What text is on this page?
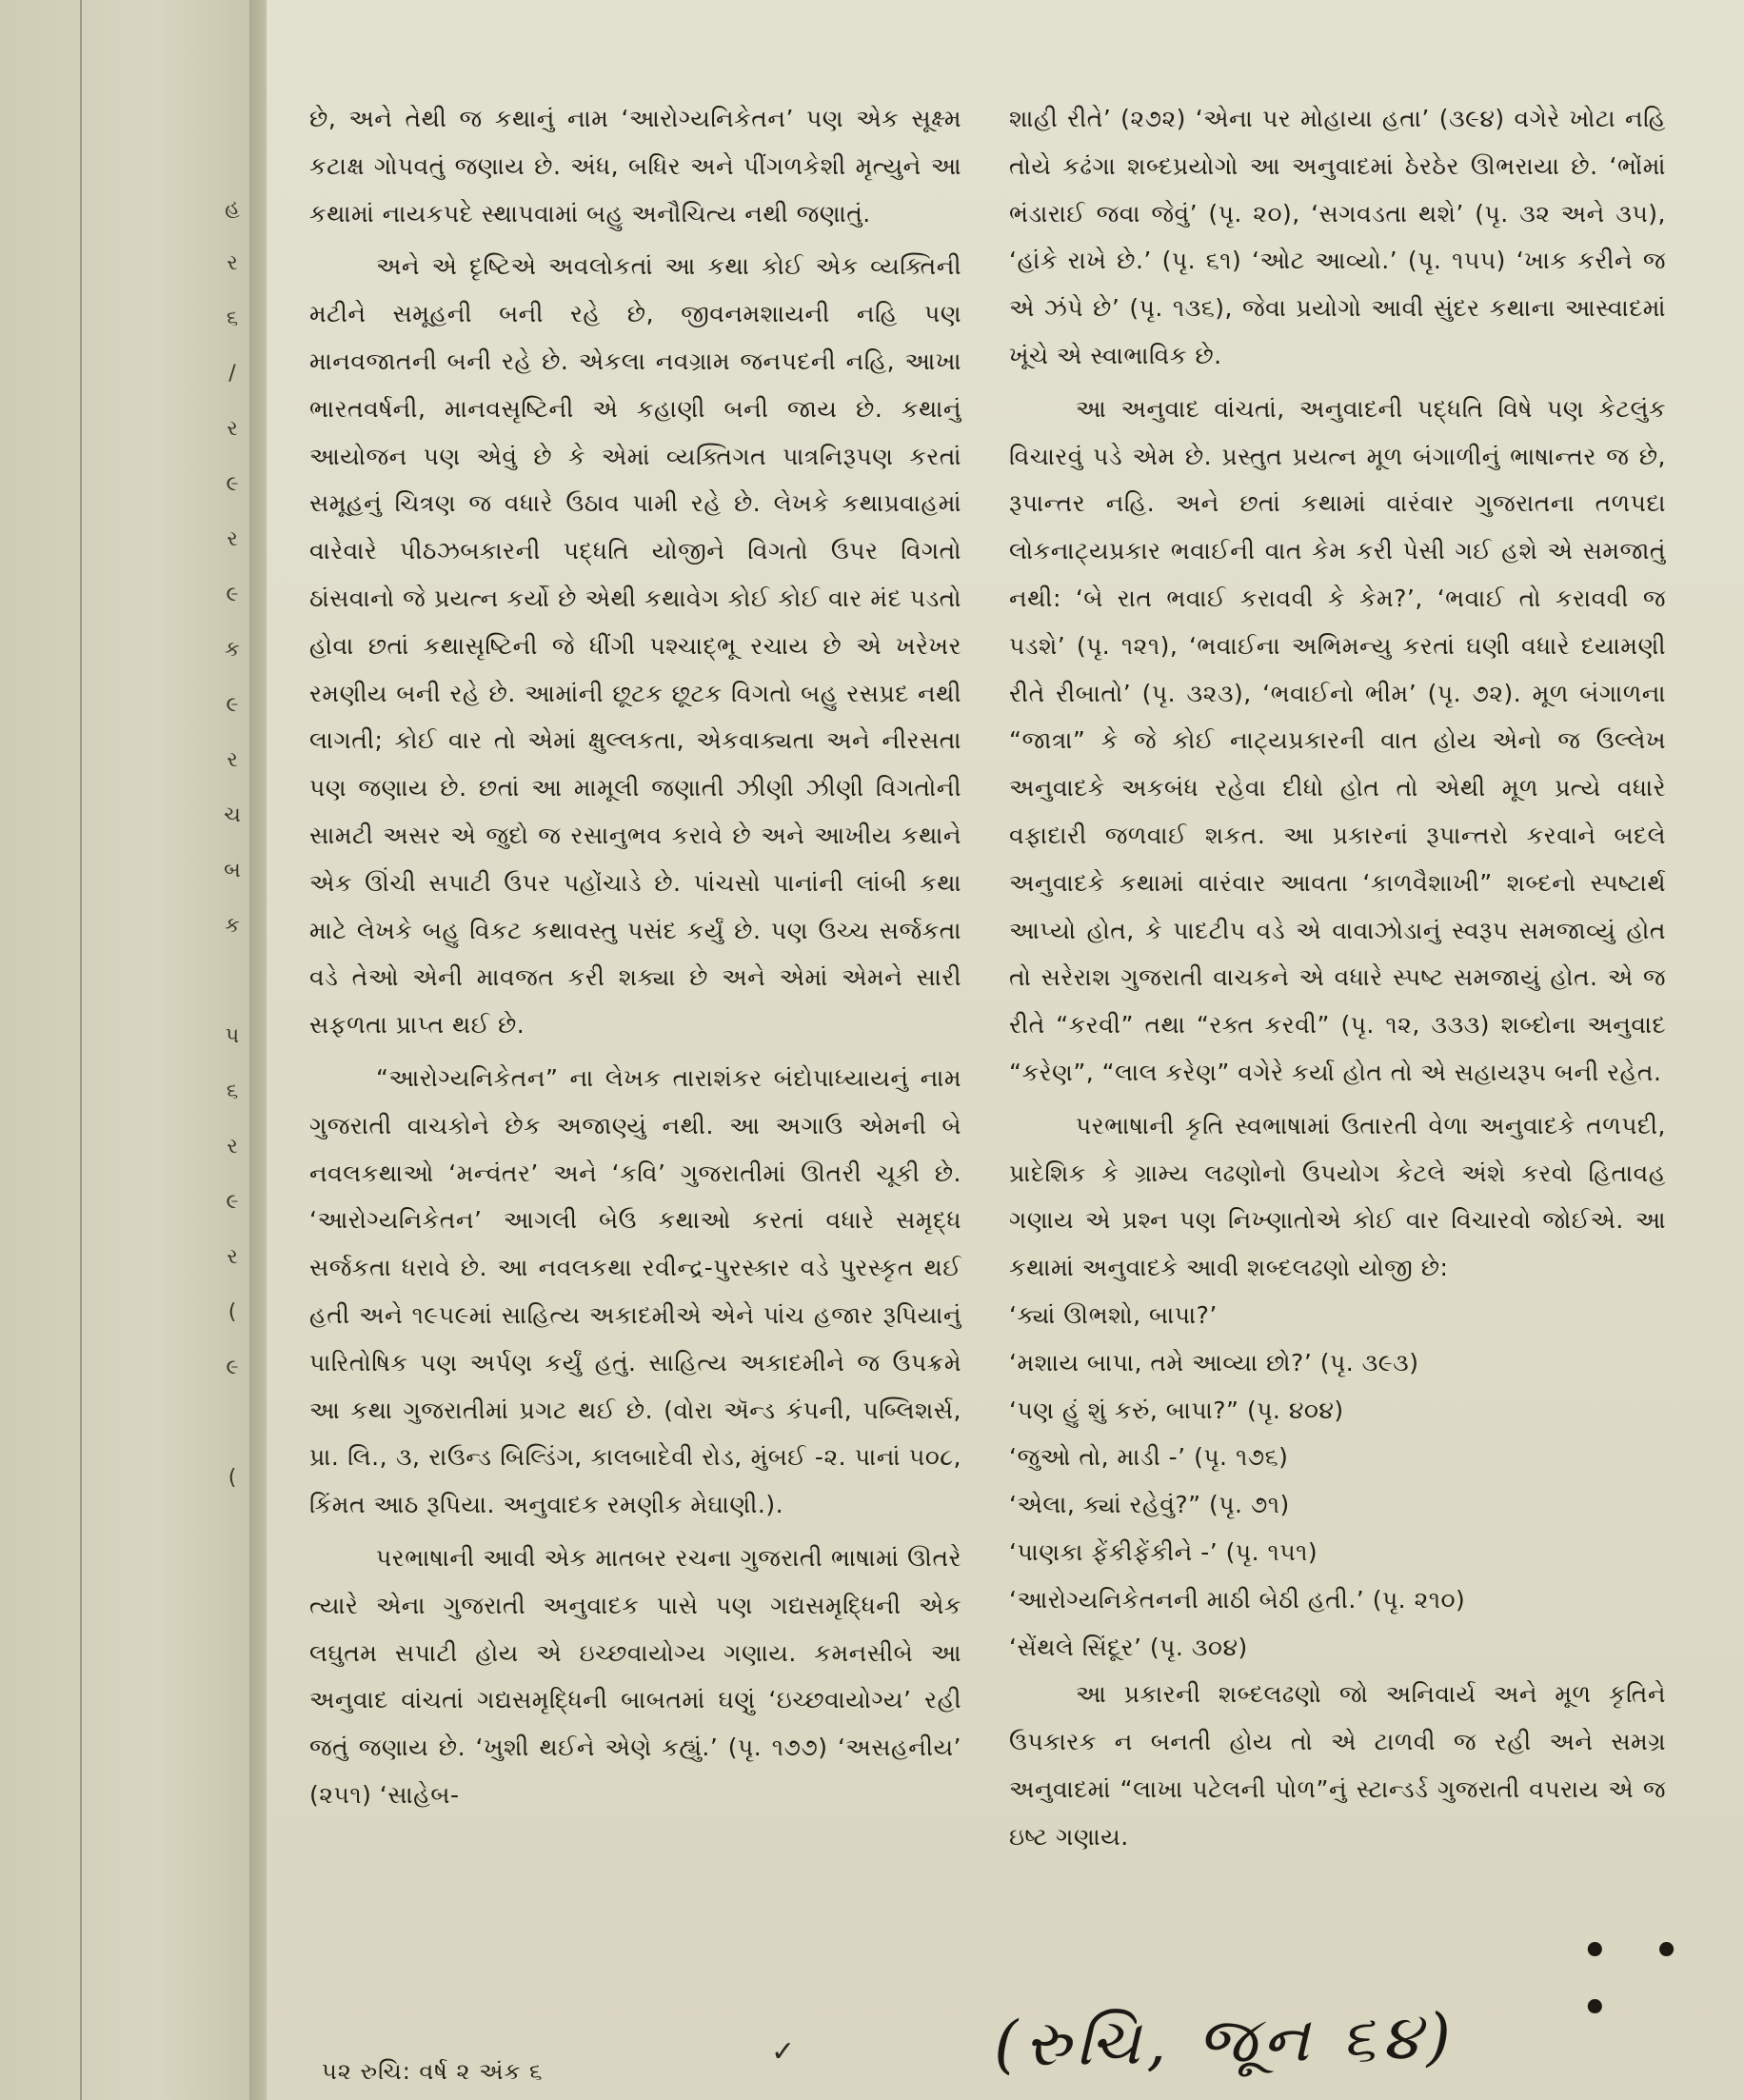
હ
ર
૬
/
ર
૯
ર
૯
ક
૯
ર
ચ
બ
ક
પ
૬
ર
૯
ર
(
૯
(

છે, અને તેથી જ કથાનું નામ ‘આરોગ્યનિકેતન’ પણ એક સૂક્ષ્મ કટાક્ષ ગોપવતું જણાય છે. અંધ, બધિર અને પીંગળકેશી મૃત્યુને આ કથામાં નાયકપદે સ્થાપવામાં બહુ અનૌચિત્ય નથી જણાતું.

અને એ દૃષ્ટિએ અવલોકતાં આ કથા કોઈ એક વ્યક્તિની મટીને સમૂહની બની રહે છે, જીવનમશાયની નહિ પણ માનવજાતની બની રહે છે. એકલા નવગ્રામ જનપદની નહિ, આખા ભારતવર્ષની, માનવસૃષ્ટિની એ કહાણી બની જાય છે. કથાનું આયોજન પણ એવું છે કે એમાં વ્યક્તિગત પાત્રનિરૂપણ કરતાં સમૂહનું ચિત્રણ જ વધારે ઉઠાવ પામી રહે છે. લેખકે કથાપ્રવાહમાં વારેવારે પીઠઝબકારની પદ્ધતિ યોજીને વિગતો ઉપર વિગતો ઠાંસવાનો જે પ્રયત્ન કર્યો છે એથી કથાવેગ કોઈ કોઈ વાર મંદ પડતો હોવા છતાં કથાસૃષ્ટિની જે ધીંગી પશ્ચાદ્‌ભૂ રચાય છે એ ખરેખર રમણીય બની રહે છે. આમાંની છૂટક છૂટક વિગતો બહુ રસપ્રદ નથી લાગતી; કોઈ વાર તો એમાં ક્ષુલ્લકતા, એકવાક્યતા અને નીરસતા પણ જણાય છે. છતાં આ મામૂલી જણાતી ઝીણી ઝીણી વિગતોની સામટી અસર એ જુદો જ રસાનુભવ કરાવે છે અને આખીય કથાને એક ઊંચી સપાટી ઉપર પહોંચાડે છે. પાંચસો પાનાંની લાંબી કથા માટે લેખકે બહુ વિકટ કથાવસ્તુ પસંદ કર્યું છે. પણ ઉચ્ચ સર્જકતા વડે તેઓ એની માવજત કરી શક્યા છે અને એમાં એમને સારી સફળતા પ્રાપ્ત થઈ છે.

“આરોગ્યનિકેતન” ના લેખક તારાશંકર બંદોપાધ્યાયનું નામ ગુજરાતી વાચકોને છેક અજાણ્યું નથી. આ અગાઉ એમની બે નવલકથાઓ ‘મન્વંતર’ અને ‘કવિ’ ગુજરાતીમાં ઊતરી ચૂકી છે. ‘આરોગ્યનિકેતન’ આગલી બેઉ કથાઓ કરતાં વધારે સમૃદ્ધ સર્જકતા ધરાવે છે. આ નવલકથા રવીન્દ્ર-પુરસ્કાર વડે પુરસ્કૃત થઈ હતી અને ૧૯૫૯માં સાહિત્ય અકાદમીએ એને પાંચ હજાર રૂપિયાનું પારિતોષિક પણ અર્પણ કર્યું હતું. સાહિત્ય અકાદમીને જ ઉપક્રમે આ કથા ગુજરાતીમાં પ્રગટ થઈ છે. (વોરા ઍન્ડ કંપની, પબ્લિશર્સ, પ્રા. લિ., ૩, રાઉન્ડ બિલ્ડિંગ, કાલબાદેવી રોડ, મુંબઈ -૨. પાનાં ૫૦૮, કિંમત આઠ રૂપિયા. અનુવાદક રમણીક મેઘાણી.).

પરભાષાની આવી એક માતબર રચના ગુજરાતી ભાષામાં ઊતરે ત્યારે એના ગુજરાતી અનુવાદક પાસે પણ ગદ્યસમૃદ્ધિની એક લઘુતમ સપાટી હોય એ ઇચ્છવાયોગ્ય ગણાય. કમનસીબે આ અનુવાદ વાંચતાં ગદ્યસમૃદ્ધિની બાબતમાં ઘણું ‘ઇચ્છવાયોગ્ય’ રહી જતું જણાય છે. ‘ખુશી થઈને એણે કહ્યું.’ (પૃ. ૧૭૭) ‘અસહનીય’ (૨૫૧) ‘સાહેબ-

શાહી રીતે’ (૨૭૨) ‘એના પર મોહાયા હતા’ (૩૯૪) વગેરે ખોટા નહિ તોયે કઢંગા શબ્દપ્રયોગો આ અનુવાદમાં ઠેરઠેર ઊભરાયા છે. ‘ભોંમાં ભંડારાઈ જવા જેવું’ (પૃ. ૨૦), ‘સગવડતા થશે’ (પૃ. ૩૨ અને ૩૫), ‘હાંકે રાખે છે.’ (પૃ. ૬૧) ‘ઓટ આવ્યો.’ (પૃ. ૧૫૫) ‘ખાક કરીને જ એ ઝંપે છે’ (પૃ. ૧૩૬), જેવા પ્રયોગો આવી સુંદર કથાના આસ્વાદમાં ખૂંચે એ સ્વાભાવિક છે.

આ અનુવાદ વાંચતાં, અનુવાદની પદ્ધતિ વિષે પણ કેટલુંક વિચારવું પડે એમ છે. પ્રસ્તુત પ્રયત્ન મૂળ બંગાળીનું ભાષાન્તર જ છે, રૂપાન્તર નહિ. અને છતાં કથામાં વારંવાર ગુજરાતના તળપદા લોકનાટ્યપ્રકાર ભવાઈની વાત કેમ કરી પેસી ગઈ હશે એ સમજાતું નથી: ‘બે રાત ભવાઈ કરાવવી કે કેમ?’, ‘ભવાઈ તો કરાવવી જ પડશે’ (પૃ. ૧૨૧), ‘ભવાઈના અભિમન્યુ કરતાં ઘણી વધારે દયામણી રીતે રીબાતો’ (પૃ. ૩૨૩), ‘ભવાઈનો ભીમ’ (પૃ. ૭૨). મૂળ બંગાળના “જાત્રા” કે જે કોઈ નાટ્યપ્રકારની વાત હોય એનો જ ઉલ્લેખ અનુવાદકે અકબંધ રહેવા દીધો હોત તો એથી મૂળ પ્રત્યે વધારે વફાદારી જળવાઈ શકત. આ પ્રકારનાં રૂપાન્તરો કરવાને બદલે અનુવાદકે કથામાં વારંવાર આવતા ‘કાળવૈશાખી” શબ્દનો સ્પષ્ટાર્થ આપ્યો હોત, કે પાદટીપ વડે એ વાવાઝોડાનું સ્વરૂપ સમજાવ્યું હોત તો સરેરાશ ગુજરાતી વાચકને એ વધારે સ્પષ્ટ સમજાયું હોત. એ જ રીતે “કરવી” તથા “રક્ત કરવી” (પૃ. ૧૨, ૩૩૩) શબ્દોના અનુવાદ “કરેણ”, “લાલ કરેણ” વગેરે કર્યા હોત તો એ સહાયરૂપ બની રહેત.

પરભાષાની કૃતિ સ્વભાષામાં ઉતારતી વેળા અનુવાદકે તળપદી, પ્રાદેશિક કે ગ્રામ્ય લઢણોનો ઉપયોગ કેટલે અંશે કરવો હિતાવહ ગણાય એ પ્રશ્ન પણ નિખ્ણાતોએ કોઈ વાર વિચારવો જોઈએ. આ કથામાં અનુવાદકે આવી શબ્દલઢણો યોજી છે:

‘ક્યાં ઊભશો, બાપા?’

‘મશાય બાપા, તમે આવ્યા છો?’ (પૃ. ૩૯૩)

‘પણ હું શું કરું, બાપા?” (પૃ. ૪૦૪)

‘જુઓ તો, માડી -’ (પૃ. ૧૭૬)

‘એલા, ક્યાં રહેવું?” (પૃ. ૭૧)

‘પાણકા ફેંકીફેંકીને -’ (પૃ. ૧૫૧)

‘આરોગ્યનિકેતનની માઠી બેઠી હતી.’ (પૃ. ૨૧૦)

‘સેંથલે સિંદૂર’ (પૃ. ૩૦૪)

આ પ્રકારની શબ્દલઢણો જો અનિવાર્ય અને મૂળ કૃતિને ઉપકારક ન બનતી હોય તો એ ટાળવી જ રહી અને સમગ્ર અનુવાદમાં “લાખા પટેલની પોળ”નું સ્ટાન્ડર્ડ ગુજરાતી વપરાય એ જ ઇષ્ટ ગણાય.

• • •
૫૨ રુચિ: વર્ષ ૨ અંક ૬
✓	(રુચિ, જૂન ૬૪)
